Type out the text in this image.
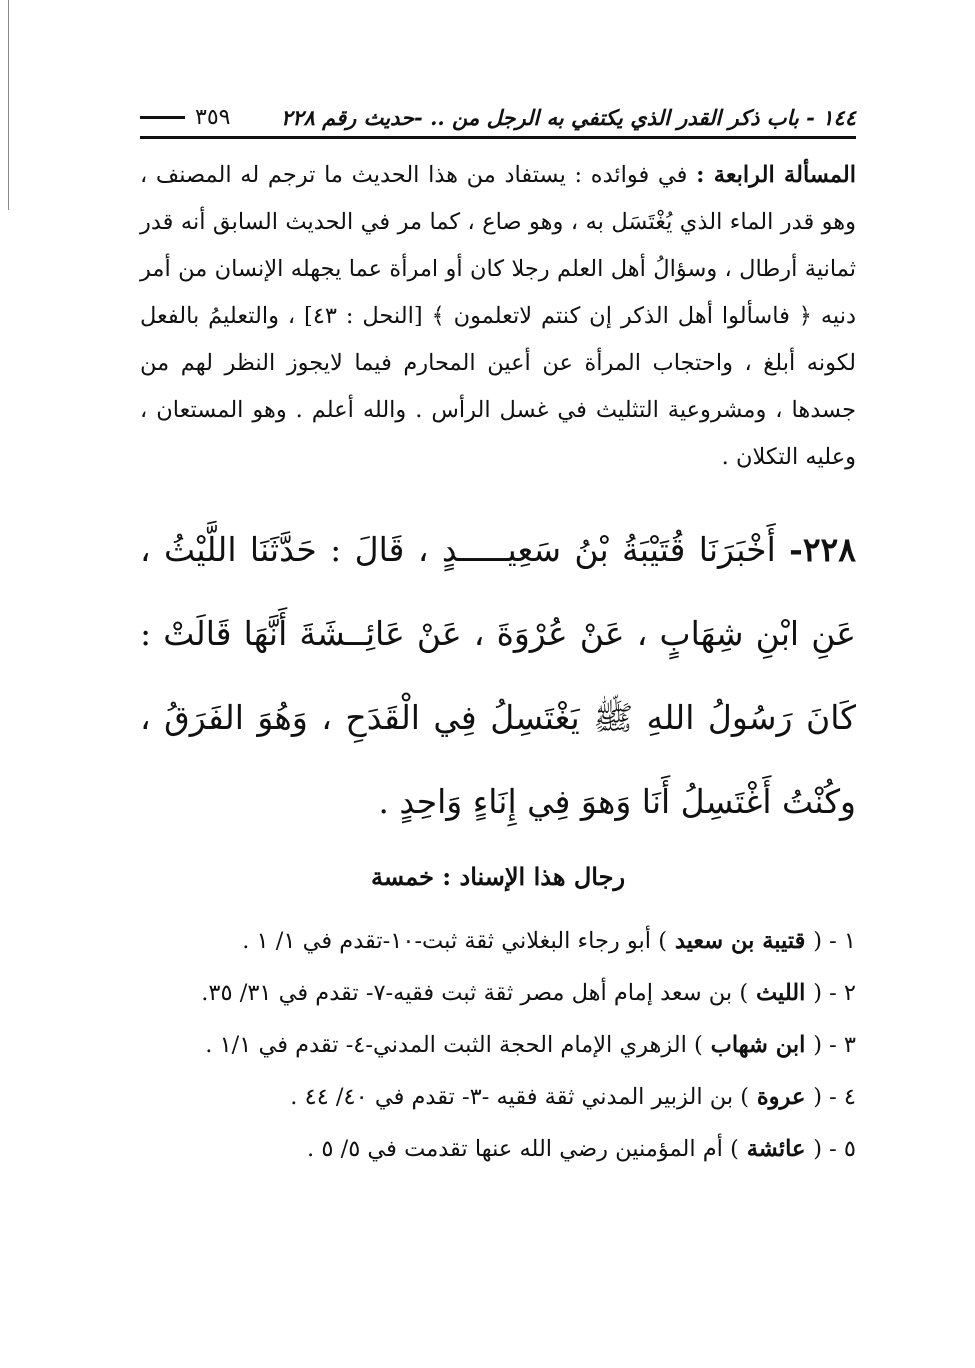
١٤٤ - باب ذكر القدر الذي يكتفي به الرجل من .. -حديث رقم ٢٢٨
٣٥٩

المسألة الرابعة : في فوائده : يستفاد من هذا الحديث ما ترجم له المصنف ، وهو قدر الماء الذي يُغْتَسَل به ، وهو صاع ، كما مر في الحديث السابق أنه قدر ثمانية أرطال ، وسؤالُ أهل العلم رجلا كان أو امرأة عما يجهله الإنسان من أمر دنيه ﴿ فاسألوا أهل الذكر إن كنتم لاتعلمون ﴾ [النحل : ٤٣] ، والتعليمُ بالفعل لكونه أبلغ ، واحتجاب المرأة عن أعين المحارم فيما لايجوز النظر لهم من جسدها ، ومشروعية التثليث في غسل الرأس . والله أعلم . وهو المستعان ، وعليه التكلان .

٢٢٨- أَخْبَرَنَا قُتَيْبَةُ بْنُ سَعِيـــــدٍ ، قَالَ : حَدَّثَنَا اللَّيْثُ ، عَنِ ابْنِ شِهَابٍ ، عَنْ عُرْوَةَ ، عَنْ عَائِــشَةَ أَنَّهَا قَالَتْ : كَانَ رَسُولُ اللهِ ﷺ يَغْتَسِلُ فِي الْقَدَحِ ، وَهُوَ الفَرَقُ ، وكُنْتُ أَغْتَسِلُ أَنَا وَهوَ فِي إِنَاءٍ وَاحِدٍ .

رجال هذا الإسناد : خمسة
١ - ( قتيبة بن سعيد ) أبو رجاء البغلاني ثقة ثبت-١٠-تقدم في ١/ ١ .
٢ - ( الليث ) بن سعد إمام أهل مصر ثقة ثبت فقيه-٧- تقدم في ٣١/ ٣٥.
٣ - ( ابن شهاب ) الزهري الإمام الحجة الثبت المدني-٤- تقدم في ١/١ .
٤ - ( عروة ) بن الزبير المدني ثقة فقيه -٣- تقدم في ٤٠/ ٤٤ .
٥ - ( عائشة ) أم المؤمنين رضي الله عنها تقدمت في ٥/ ٥ .
